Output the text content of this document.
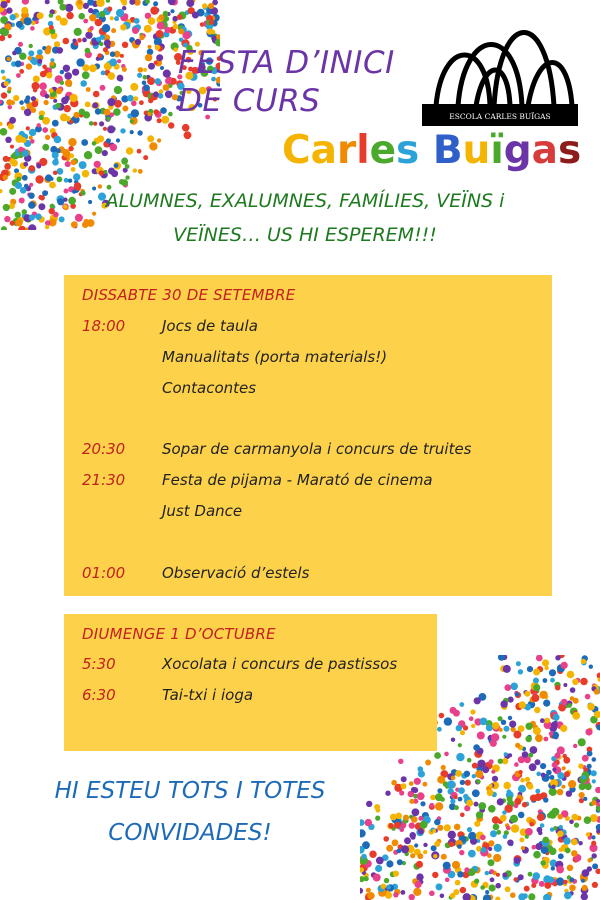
FESTA D’INICI
DE CURS	ESCOLA CARLES BUÏGAS
Carles Buïgas
ALUMNES, EXALUMNES, FAMÍLIES, VEÏNS i
VEÏNES… US HI ESPEREM!!!
DISSABTE 30 DE SETEMBRE
18:00	Jocs de taula
Manualitats (porta materials!)
Contacontes
20:30	Sopar de carmanyola i concurs de truites
21:30	Festa de pijama - Marató de cinema
Just Dance
01:00	Observació d’estels
DIUMENGE 1 D’OCTUBRE
5:30	Xocolata i concurs de pastissos
6:30	Tai-txi i ioga
HI ESTEU TOTS I TOTES
CONVIDADES!
